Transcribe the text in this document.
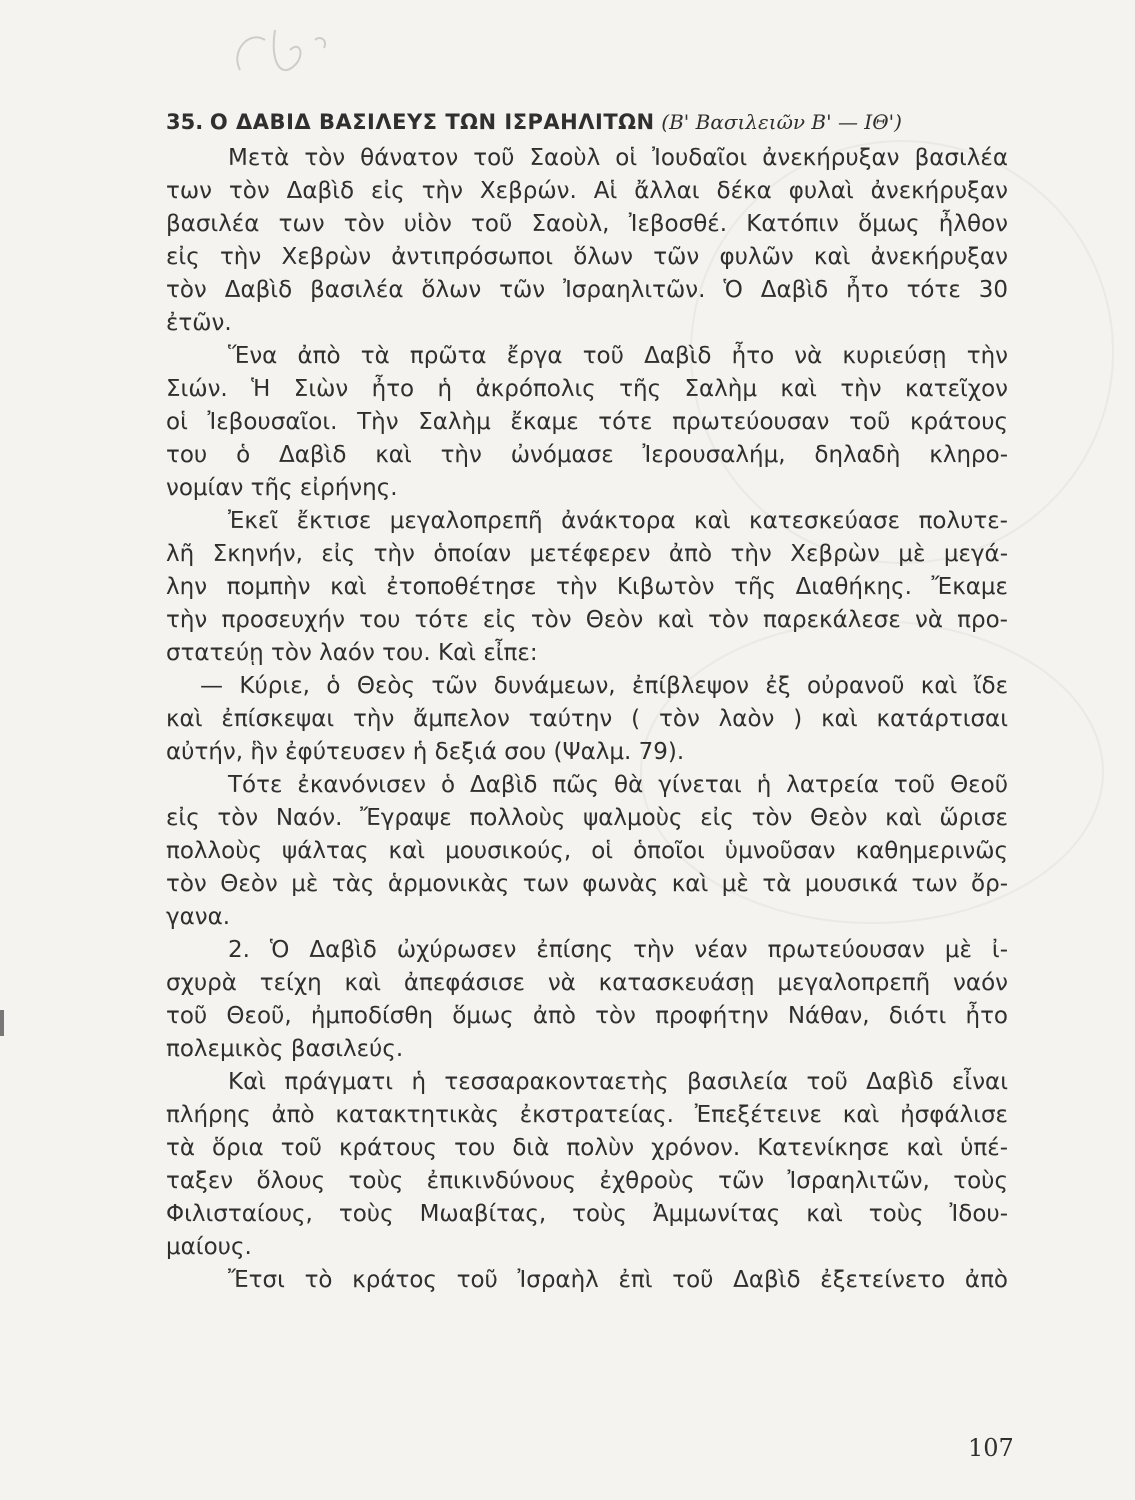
35. Ο ΔΑΒΙΔ ΒΑΣΙΛΕΥΣ ΤΩΝ ΙΣΡΑΗΛΙΤΩΝ (Β' Βασιλειῶν Β' — ΙΘ')
Μετὰ τὸν θάνατον τοῦ Σαοὺλ οἱ Ἰουδαῖοι ἀνεκήρυξαν βασιλέα
των τὸν Δαβὶδ εἰς τὴν Χεβρών. Αἱ ἄλλαι δέκα φυλαὶ ἀνεκήρυξαν
βασιλέα των τὸν υἱὸν τοῦ Σαοὺλ, Ἰεβοσθέ. Κατόπιν ὅμως ἦλθον
εἰς τὴν Χεβρὼν ἀντιπρόσωποι ὅλων τῶν φυλῶν καὶ ἀνεκήρυξαν
τὸν Δαβὶδ βασιλέα ὅλων τῶν Ἰσραηλιτῶν. Ὁ Δαβὶδ ἦτο τότε 30
ἐτῶν.
Ἕνα ἀπὸ τὰ πρῶτα ἔργα τοῦ Δαβὶδ ἦτο νὰ κυριεύσῃ τὴν
Σιών. Ἡ Σιὼν ἦτο ἡ ἀκρόπολις τῆς Σαλὴμ καὶ τὴν κατεῖχον
οἱ Ἰεβουσαῖοι. Τὴν Σαλὴμ ἔκαμε τότε πρωτεύουσαν τοῦ κράτους
του ὁ Δαβὶδ καὶ τὴν ὠνόμασε Ἰερουσαλήμ, δηλαδὴ κληρο-
νομίαν τῆς εἰρήνης.
Ἐκεῖ ἔκτισε μεγαλοπρεπῆ ἀνάκτορα καὶ κατεσκεύασε πολυτε-
λῆ Σκηνήν, εἰς τὴν ὁποίαν μετέφερεν ἀπὸ τὴν Χεβρὼν μὲ μεγά-
λην πομπὴν καὶ ἐτοποθέτησε τὴν Κιβωτὸν τῆς Διαθήκης. Ἔκαμε
τὴν προσευχήν του τότε εἰς τὸν Θεὸν καὶ τὸν παρεκάλεσε νὰ προ-
στατεύῃ τὸν λαόν του. Καὶ εἶπε:
— Κύριε, ὁ Θεὸς τῶν δυνάμεων, ἐπίβλεψον ἐξ οὐρανοῦ καὶ ἴδε
καὶ ἐπίσκεψαι τὴν ἄμπελον ταύτην ( τὸν λαὸν ) καὶ κατάρτισαι
αὐτήν, ἣν ἐφύτευσεν ἡ δεξιά σου (Ψαλμ. 79).
Τότε ἐκανόνισεν ὁ Δαβὶδ πῶς θὰ γίνεται ἡ λατρεία τοῦ Θεοῦ
εἰς τὸν Ναόν. Ἔγραψε πολλοὺς ψαλμοὺς εἰς τὸν Θεὸν καὶ ὥρισε
πολλοὺς ψάλτας καὶ μουσικούς, οἱ ὁποῖοι ὑμνοῦσαν καθημερινῶς
τὸν Θεὸν μὲ τὰς ἁρμονικὰς των φωνὰς καὶ μὲ τὰ μουσικά των ὄρ-
γανα.
2. Ὁ Δαβὶδ ὠχύρωσεν ἐπίσης τὴν νέαν πρωτεύουσαν μὲ ἰ-
σχυρὰ τείχη καὶ ἀπεφάσισε νὰ κατασκευάσῃ μεγαλοπρεπῆ ναόν
τοῦ Θεοῦ, ἠμποδίσθη ὅμως ἀπὸ τὸν προφήτην Νάθαν, διότι ἦτο
πολεμικὸς βασιλεύς.
Καὶ πράγματι ἡ τεσσαρακονταετὴς βασιλεία τοῦ Δαβὶδ εἶναι
πλήρης ἀπὸ κατακτητικὰς ἐκστρατείας. Ἐπεξέτεινε καὶ ἠσφάλισε
τὰ ὅρια τοῦ κράτους του διὰ πολὺν χρόνον. Κατενίκησε καὶ ὑπέ-
ταξεν ὅλους τοὺς ἐπικινδύνους ἐχθροὺς τῶν Ἰσραηλιτῶν, τοὺς
Φιλισταίους, τοὺς Μωαβίτας, τοὺς Ἀμμωνίτας καὶ τοὺς Ἰδου-
μαίους.
Ἔτσι τὸ κράτος τοῦ Ἰσραὴλ ἐπὶ τοῦ Δαβὶδ ἐξετείνετο ἀπὸ
107
